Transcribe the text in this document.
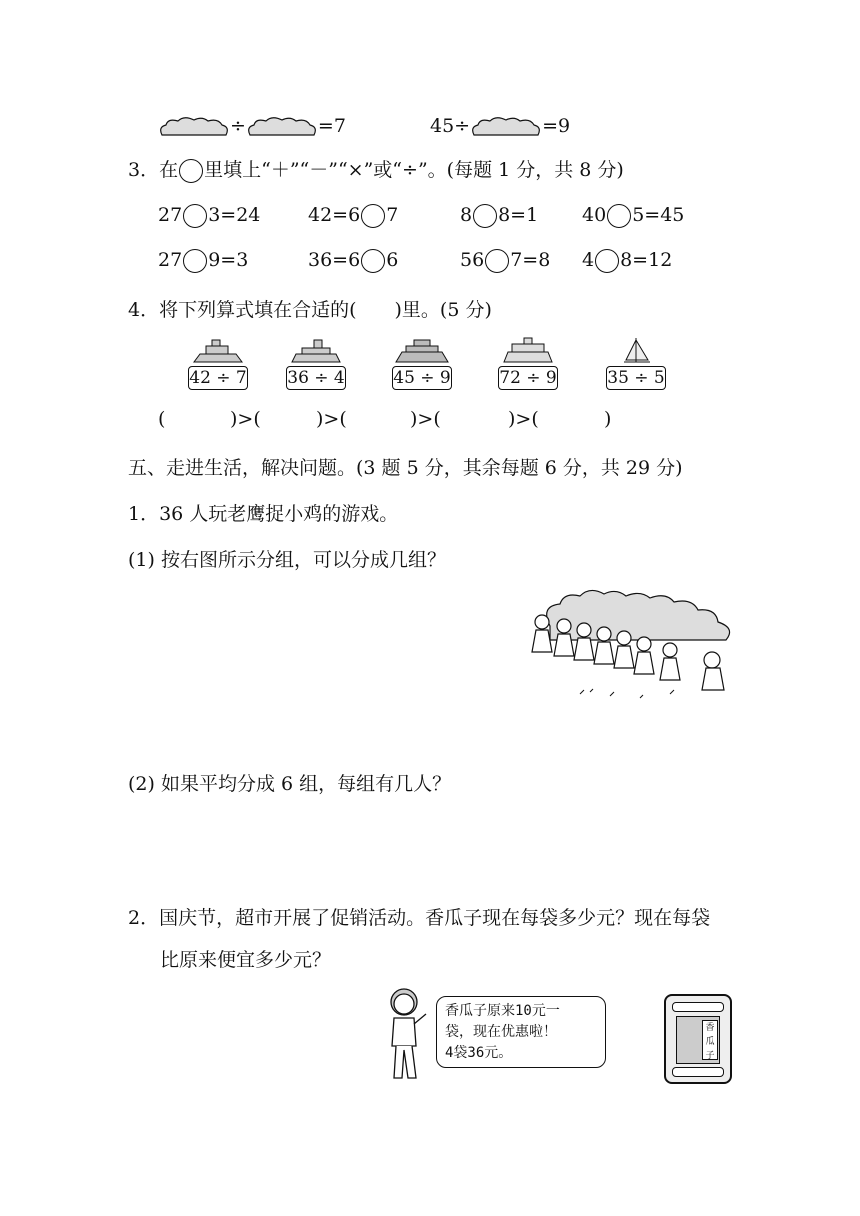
÷	=7	45÷	=9
3．在 里填上“＋”“－”“×”或“÷”。(每题 1 分，共 8 分)
27 3=24	42=6 7	8 8=1 40 5=45
27 9=3	36=6 6	56 7=8 4 8=12
4．将下列算式填在合适的(　　)里。(5 分)
42 ÷ 7 36 ÷ 4	45 ÷ 9	72 ÷ 9	35 ÷ 5
(	)>(	)>(	)>(	)>(	)
五、走进生活，解决问题。(3 题 5 分，其余每题 6 分，共 29 分)
1．36 人玩老鹰捉小鸡的游戏。
(1) 按右图所示分组，可以分成几组？
(2) 如果平均分成 6 组，每组有几人？
2．国庆节，超市开展了促销活动。香瓜子现在每袋多少元？现在每袋
比原来便宜多少元？
香瓜子原来10元一
袋，现在优惠啦！
4袋36元。
香
瓜
子
